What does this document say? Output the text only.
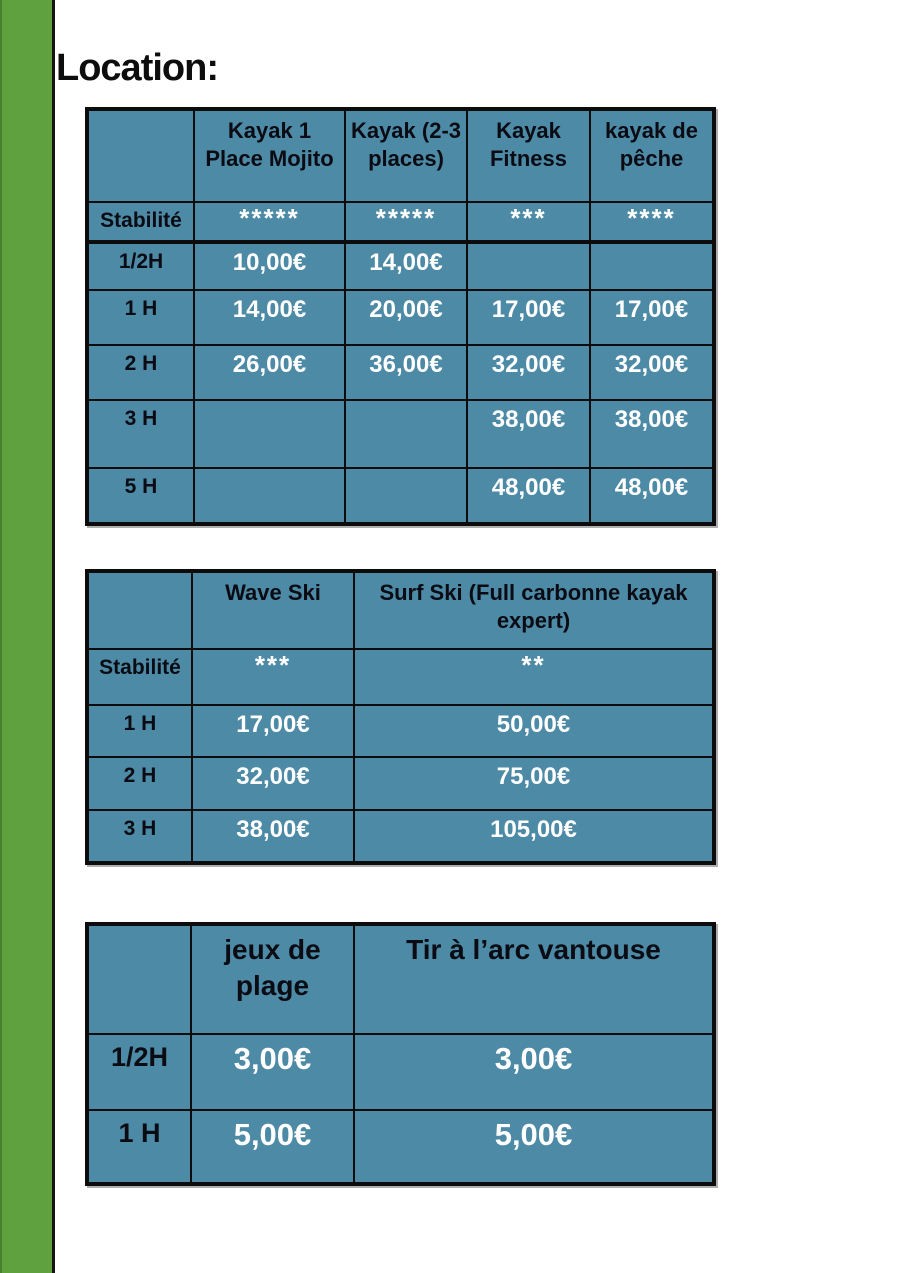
Location:
	Kayak 1 Place Mojito	Kayak (2-3 places)	Kayak Fitness	kayak de pêche
Stabilité	*****	*****	***	****
1/2H	10,00€	14,00€		
1 H	14,00€	20,00€	17,00€	17,00€
2 H	26,00€	36,00€	32,00€	32,00€
3 H			38,00€	38,00€
5 H			48,00€	48,00€
	Wave Ski	Surf Ski (Full carbonne kayak expert)
Stabilité	***	**
1 H	17,00€	50,00€
2 H	32,00€	75,00€
3 H	38,00€	105,00€
	jeux de plage	Tir à l’arc vantouse
1/2H	3,00€	3,00€
1 H	5,00€	5,00€
